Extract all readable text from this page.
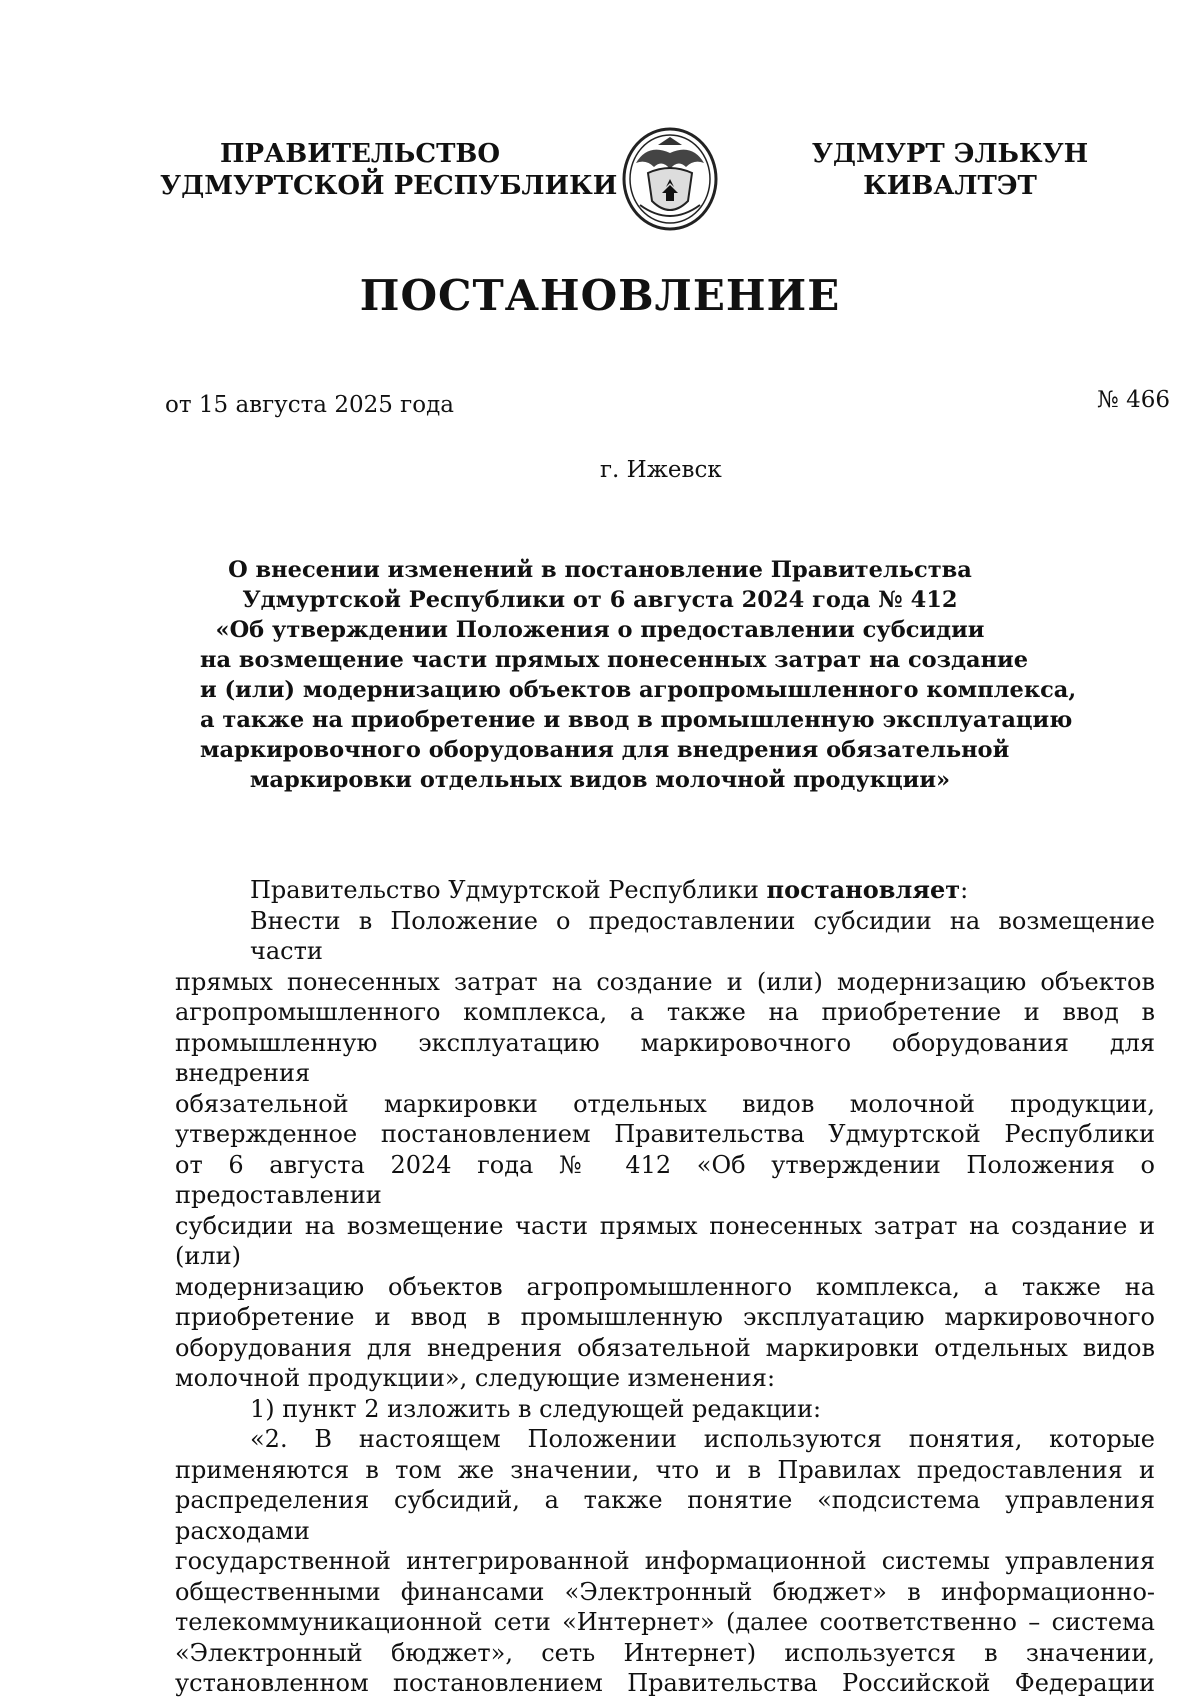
ПРАВИТЕЛЬСТВО
УДМУРТСКОЙ РЕСПУБЛИКИ
УДМУРТ ЭЛЬКУН
КИВАЛТЭТ
ПОСТАНОВЛЕНИЕ
от 15 августа 2025 года	№ 466
г. Ижевск
О внесении изменений в постановление Правительства
Удмуртской Республики от 6 августа 2024 года № 412
«Об утверждении Положения о предоставлении субсидии
на возмещение части прямых понесенных затрат на создание
и (или) модернизацию объектов агропромышленного комплекса,
а также на приобретение и ввод в промышленную эксплуатацию
маркировочного оборудования для внедрения обязательной
маркировки отдельных видов молочной продукции»
Правительство Удмуртской Республики постановляет:
Внести в Положение о предоставлении субсидии на возмещение части
прямых понесенных затрат на создание и (или) модернизацию объектов
агропромышленного комплекса, а также на приобретение и ввод в
промышленную эксплуатацию маркировочного оборудования для внедрения
обязательной маркировки отдельных видов молочной продукции,
утвержденное постановлением Правительства Удмуртской Республики
от 6 августа 2024 года № 412 «Об утверждении Положения о предоставлении
субсидии на возмещение части прямых понесенных затрат на создание и (или)
модернизацию объектов агропромышленного комплекса, а также на
приобретение и ввод в промышленную эксплуатацию маркировочного
оборудования для внедрения обязательной маркировки отдельных видов
молочной продукции», следующие изменения:
1) пункт 2 изложить в следующей редакции:
«2. В настоящем Положении используются понятия, которые
применяются в том же значении, что и в Правилах предоставления и
распределения субсидий, а также понятие «подсистема управления расходами
государственной интегрированной информационной системы управления
общественными финансами «Электронный бюджет» в информационно-
телекоммуникационной сети «Интернет» (далее соответственно – система
«Электронный бюджет», сеть Интернет) используется в значении,
установленном постановлением Правительства Российской Федерации
